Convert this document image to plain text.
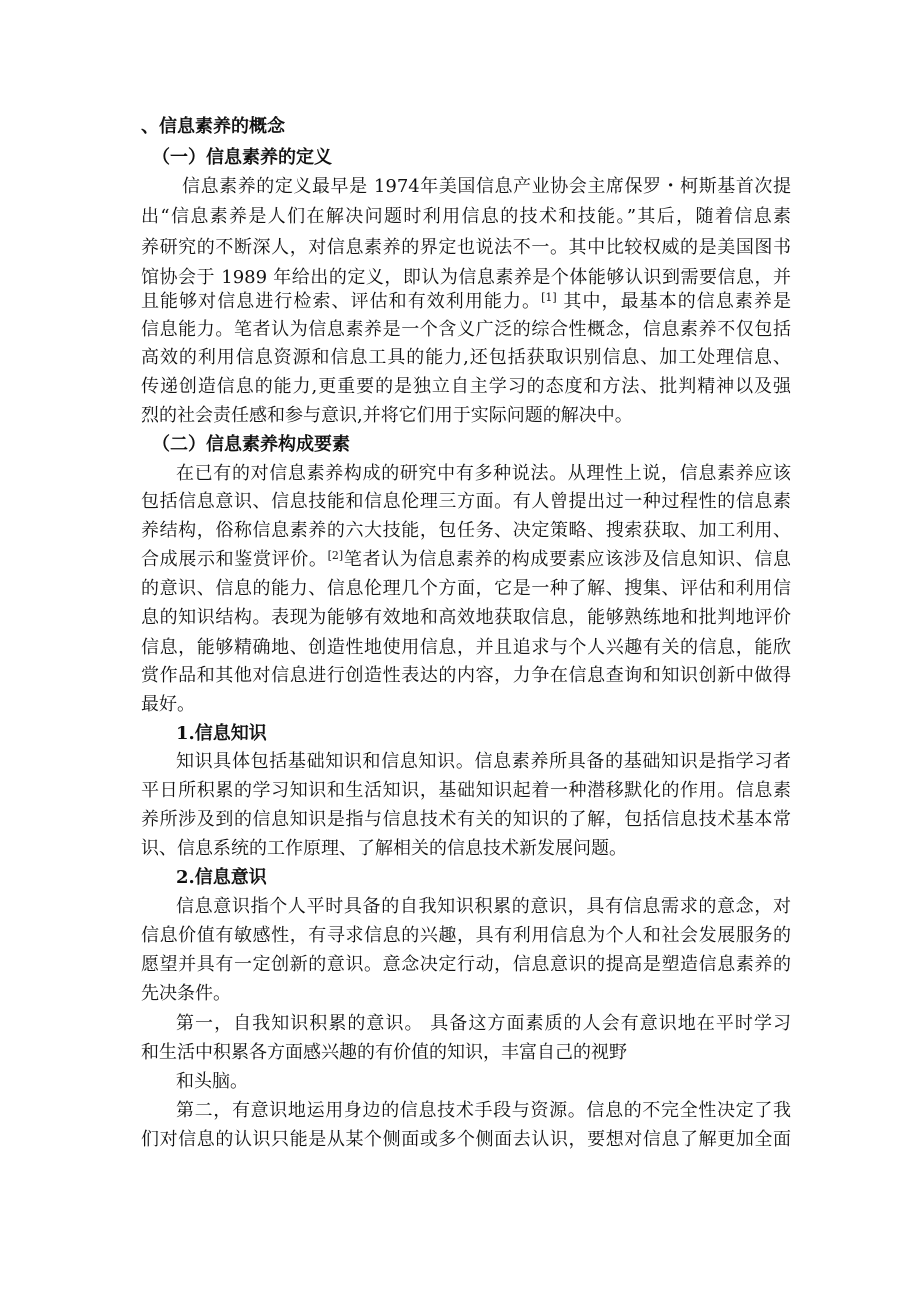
、信息素养的概念
（一）信息素养的定义
信息素养的定义最早是 1974年美国信息产业协会主席保罗・柯斯基首次提
出“信息素养是人们在解决问题时利用信息的技术和技能。”其后，随着信息素
养研究的不断深人，对信息素养的界定也说法不一。其中比较权威的是美国图书
馆协会于 1989 年给出的定义，即认为信息素养是个体能够认识到需要信息，并
且能够对信息进行检索、评估和有效利用能力。[1] 其中，最基本的信息素养是
信息能力。笔者认为信息素养是一个含义广泛的综合性概念，信息素养不仅包括
高效的利用信息资源和信息工具的能力,还包括获取识别信息、加工处理信息、
传递创造信息的能力,更重要的是独立自主学习的态度和方法、批判精神以及强
烈的社会责任感和参与意识,并将它们用于实际问题的解决中。
（二）信息素养构成要素
在已有的对信息素养构成的研究中有多种说法。从理性上说，信息素养应该
包括信息意识、信息技能和信息伦理三方面。有人曾提出过一种过程性的信息素
养结构，俗称信息素养的六大技能，包任务、决定策略、搜索获取、加工利用、
合成展示和鉴赏评价。[2]笔者认为信息素养的构成要素应该涉及信息知识、信息
的意识、信息的能力、信息伦理几个方面，它是一种了解、搜集、评估和利用信
息的知识结构。表现为能够有效地和高效地获取信息，能够熟练地和批判地评价
信息，能够精确地、创造性地使用信息，并且追求与个人兴趣有关的信息，能欣
赏作品和其他对信息进行创造性表达的内容，力争在信息查询和知识创新中做得
最好。
1.信息知识
知识具体包括基础知识和信息知识。信息素养所具备的基础知识是指学习者
平日所积累的学习知识和生活知识，基础知识起着一种潜移默化的作用。信息素
养所涉及到的信息知识是指与信息技术有关的知识的了解，包括信息技术基本常
识、信息系统的工作原理、了解相关的信息技术新发展问题。
2.信息意识
信息意识指个人平时具备的自我知识积累的意识，具有信息需求的意念，对
信息价值有敏感性，有寻求信息的兴趣，具有利用信息为个人和社会发展服务的
愿望并具有一定创新的意识。意念决定行动，信息意识的提高是塑造信息素养的
先决条件。
第一，自我知识积累的意识。 具备这方面素质的人会有意识地在平时学习
和生活中积累各方面感兴趣的有价值的知识，丰富自己的视野
和头脑。
第二，有意识地运用身边的信息技术手段与资源。信息的不完全性决定了我
们对信息的认识只能是从某个侧面或多个侧面去认识，要想对信息了解更加全面
